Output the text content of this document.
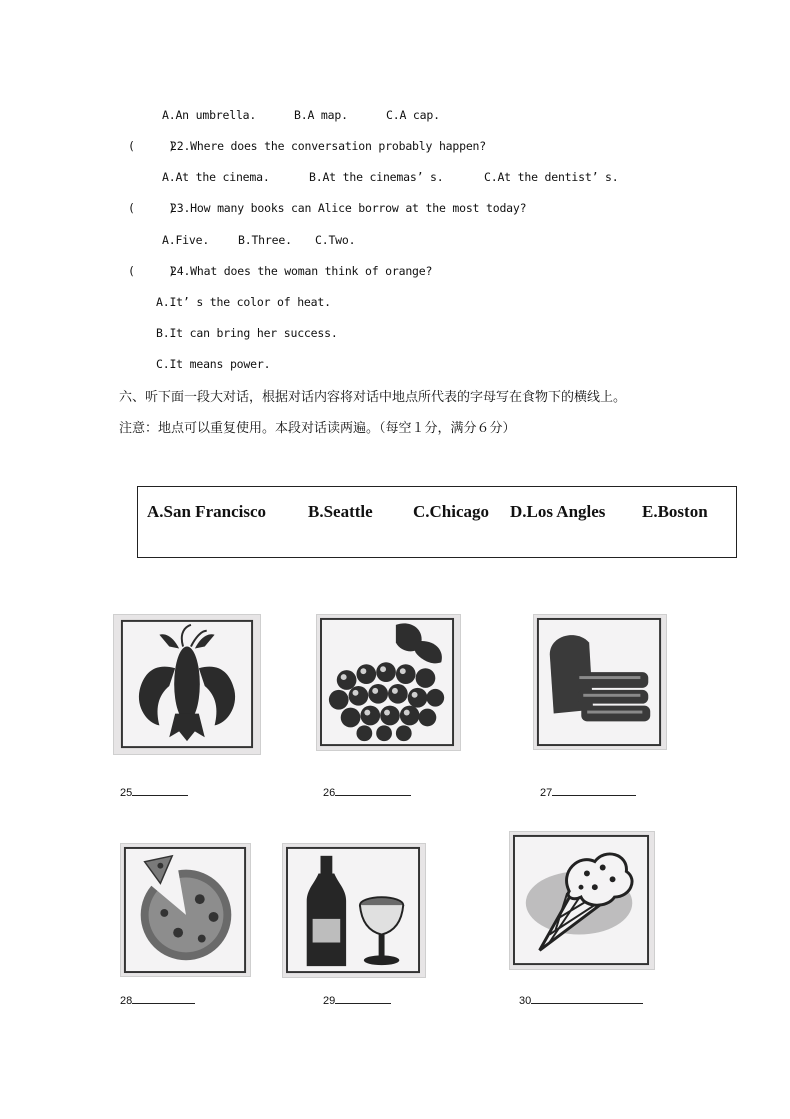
A.An umbrella.	B.A map.	C.A cap.
(     )
22.Where does the conversation probably happen?
A.At the cinema.	B.At the cinemas’ s.	C.At the dentist’ s.
(     )
23.How many books can Alice borrow at the most today?
A.Five.	B.Three. C.Two.
(     )
24.What does the woman think of orange?
A.It’ s the color of heat.
B.It can bring her success.
C.It means power.
六、听下面一段大对话，根据对话内容将对话中地点所代表的字母写在食物下的横线上。
注意：地点可以重复使用。本段对话读两遍。（每空１分，满分６分）
A.San Francisco B.Seattle C.Chicago D.Los Angles E.Boston
25	26	27
28	29	30
